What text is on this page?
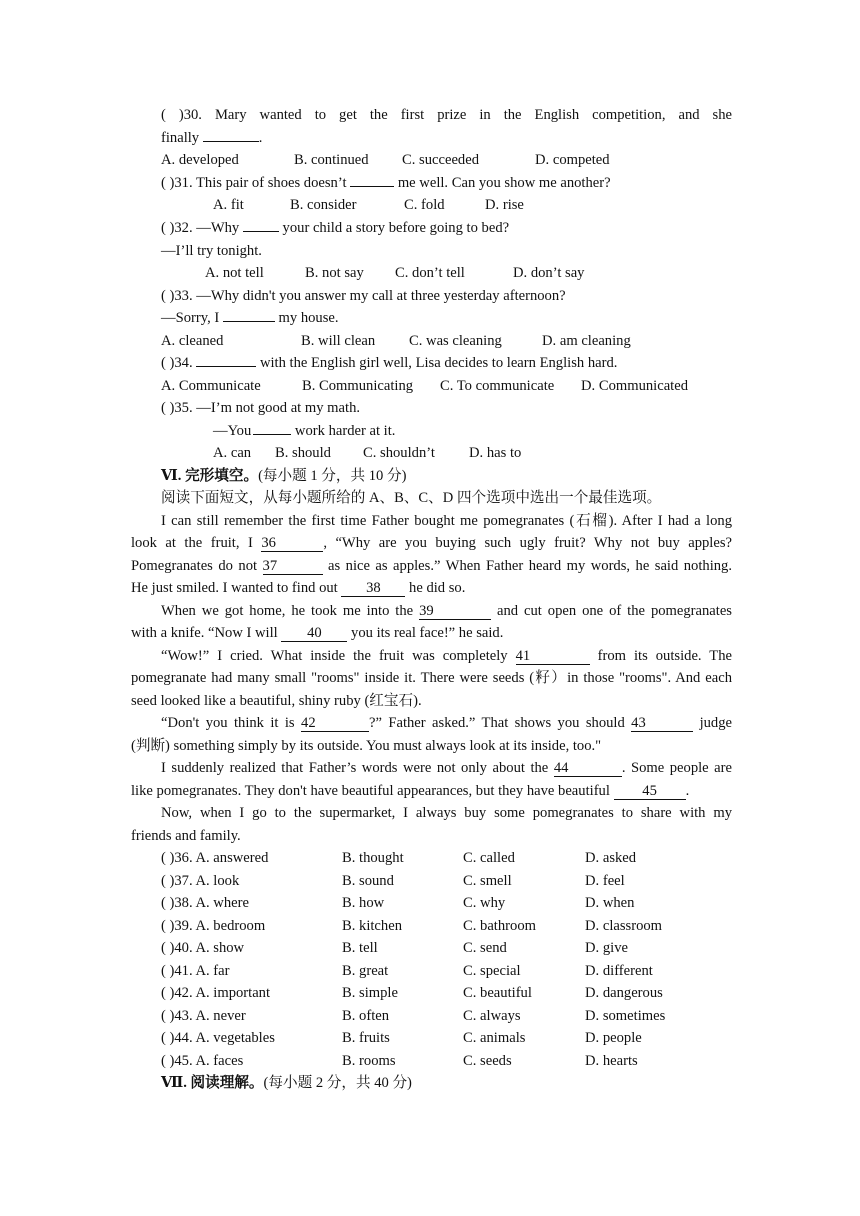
( )30. Mary wanted to get the first prize in the English competition, and she
finally	.
A. developed	B. continued C. succeeded	D. competed
( )31. This pair of shoes doesn’t	me well. Can you show me another?
A. fit	B. consider	C. fold	D. rise
( )32. —Why	your child a story before going to bed?
—I’ll try tonight.
A. not tell	B. not say C. don’t tell	D. don’t say
( )33. —Why didn't you answer my call at three yesterday afternoon?
—Sorry, I	my house.
A. cleaned	B. will clean C. was cleaning	D. am cleaning
( )34.	with the English girl well, Lisa decides to learn English hard.
A. Communicate	B. Communicating C. To communicate D. Communicated
( )35. —I’m not good at my math.
—You	work harder at it.
A. can B. should C. shouldn’t D. has to
Ⅵ. 完形填空。(每小题 1 分，共 10 分)
阅读下面短文，从每小题所给的 A、B、C、D 四个选项中选出一个最佳选项。
I can still remember the first time Father bought me pomegranates (石榴). After I had a long
look at the fruit, I 36	, “Why are you buying such ugly fruit? Why not buy apples?
Pomegranates do not 37	as nice as apples.” When Father heard my words, he said nothing.
He just smiled. I wanted to find out 38 he did so.
When we got home, he took me into the 39	and cut open one of the pomegranates
with a knife. “Now I will 40 you its real face!” he said.
“Wow!” I cried. What inside the fruit was completely 41	from its outside. The
pomegranate had many small "rooms" inside it. There were seeds (籽）in those "rooms". And each
seed looked like a beautiful, shiny ruby (红宝石).
“Don't you think it is 42	?” Father asked.” That shows you should 43	judge
(判断) something simply by its outside. You must always look at its inside, too."
I suddenly realized that Father’s words were not only about the 44	. Some people are
like pomegranates. They don't have beautiful appearances, but they have beautiful 45 .
Now, when I go to the supermarket, I always buy some pomegranates to share with my
friends and family.
( )36. A. answered	B. thought	C. called	D. asked
( )37. A. look	B. sound	C. smell	D. feel
( )38. A. where	B. how	C. why	D. when
( )39. A. bedroom	B. kitchen	C. bathroom	D. classroom
( )40. A. show	B. tell	C. send	D. give
( )41. A. far	B. great	C. special	D. different
( )42. A. important	B. simple	C. beautiful	D. dangerous
( )43. A. never	B. often	C. always	D. sometimes
( )44. A. vegetables	B. fruits	C. animals	D. people
( )45. A. faces	B. rooms	C. seeds	D. hearts
Ⅶ. 阅读理解。(每小题 2 分，共 40 分)
